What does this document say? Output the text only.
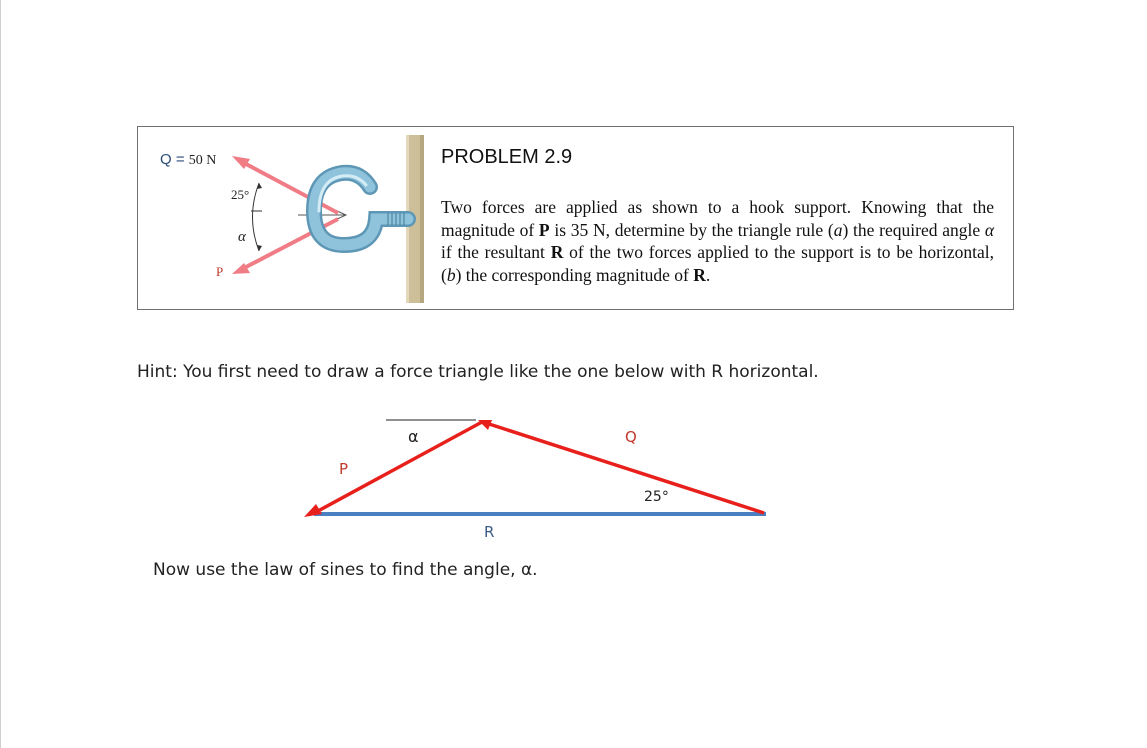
Q = 50 N
25°
α
P
PROBLEM 2.9

Two forces are applied as shown to a hook support. Knowing that the magnitude of P is 35 N, determine by the triangle rule (a) the required angle α if the resultant R of the two forces applied to the support is to be horizontal, (b) the corresponding magnitude of R.

Hint: You first need to draw a force triangle like the one below with R horizontal.

α	Q
P
25°
R

Now use the law of sines to find the angle, α.
